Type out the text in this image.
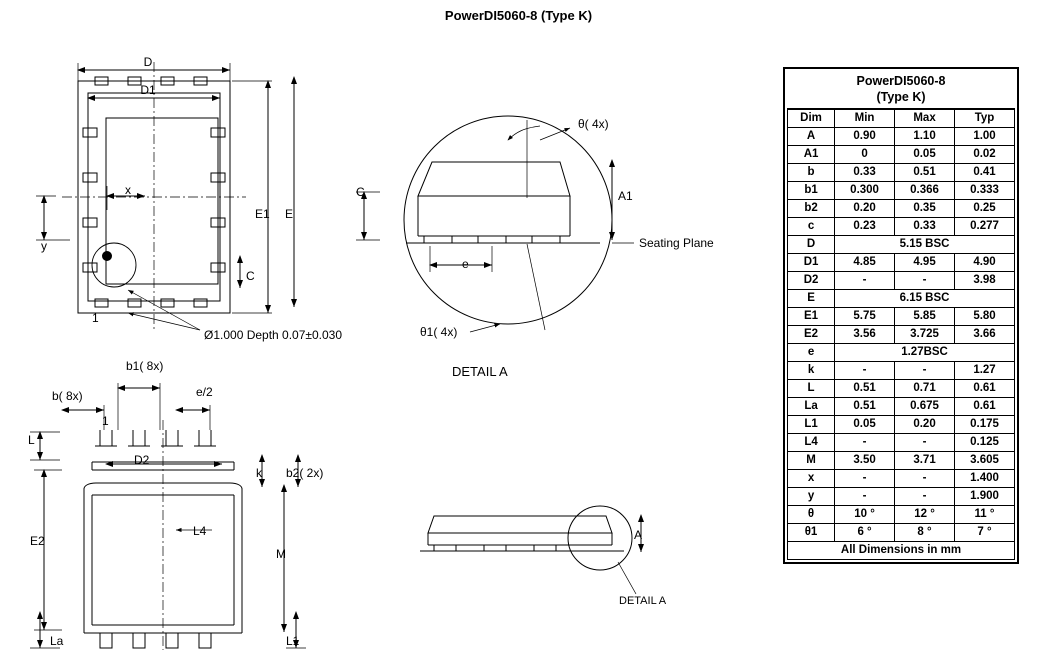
PowerDI5060-8 (Type K)
D
D1
E1 E
x
y
C
1
Ø1.000 Depth 0.07±0.030
b( 8x)
b1( 8x)
e/2
L
E2
La
D2
k b2( 2x)
M
L1
L4
1
C
e
A1
Seating Plane
θ( 4x)
θ1( 4x)
DETAIL A
A
DETAIL A
PowerDI5060-8
(Type K)
Dim	Min	Max	Typ
A	0.90	1.10	1.00
A1	0	0.05	0.02
b	0.33	0.51	0.41
b1	0.300	0.366	0.333
b2	0.20	0.35	0.25
c	0.23	0.33	0.277
D	5.15 BSC		
D1	4.85	4.95	4.90
D2	-	-	3.98
E	6.15 BSC		
E1	5.75	5.85	5.80
E2	3.56	3.725	3.66
e	1.27BSC		
k	-	-	1.27
L	0.51	0.71	0.61
La	0.51	0.675	0.61
L1	0.05	0.20	0.175
L4	-	-	0.125
M	3.50	3.71	3.605
x	-	-	1.400
y	-	-	1.900
θ	10 °	12 °	11 °
θ1	6 °	8 °	7 °
All Dimensions in mm			
